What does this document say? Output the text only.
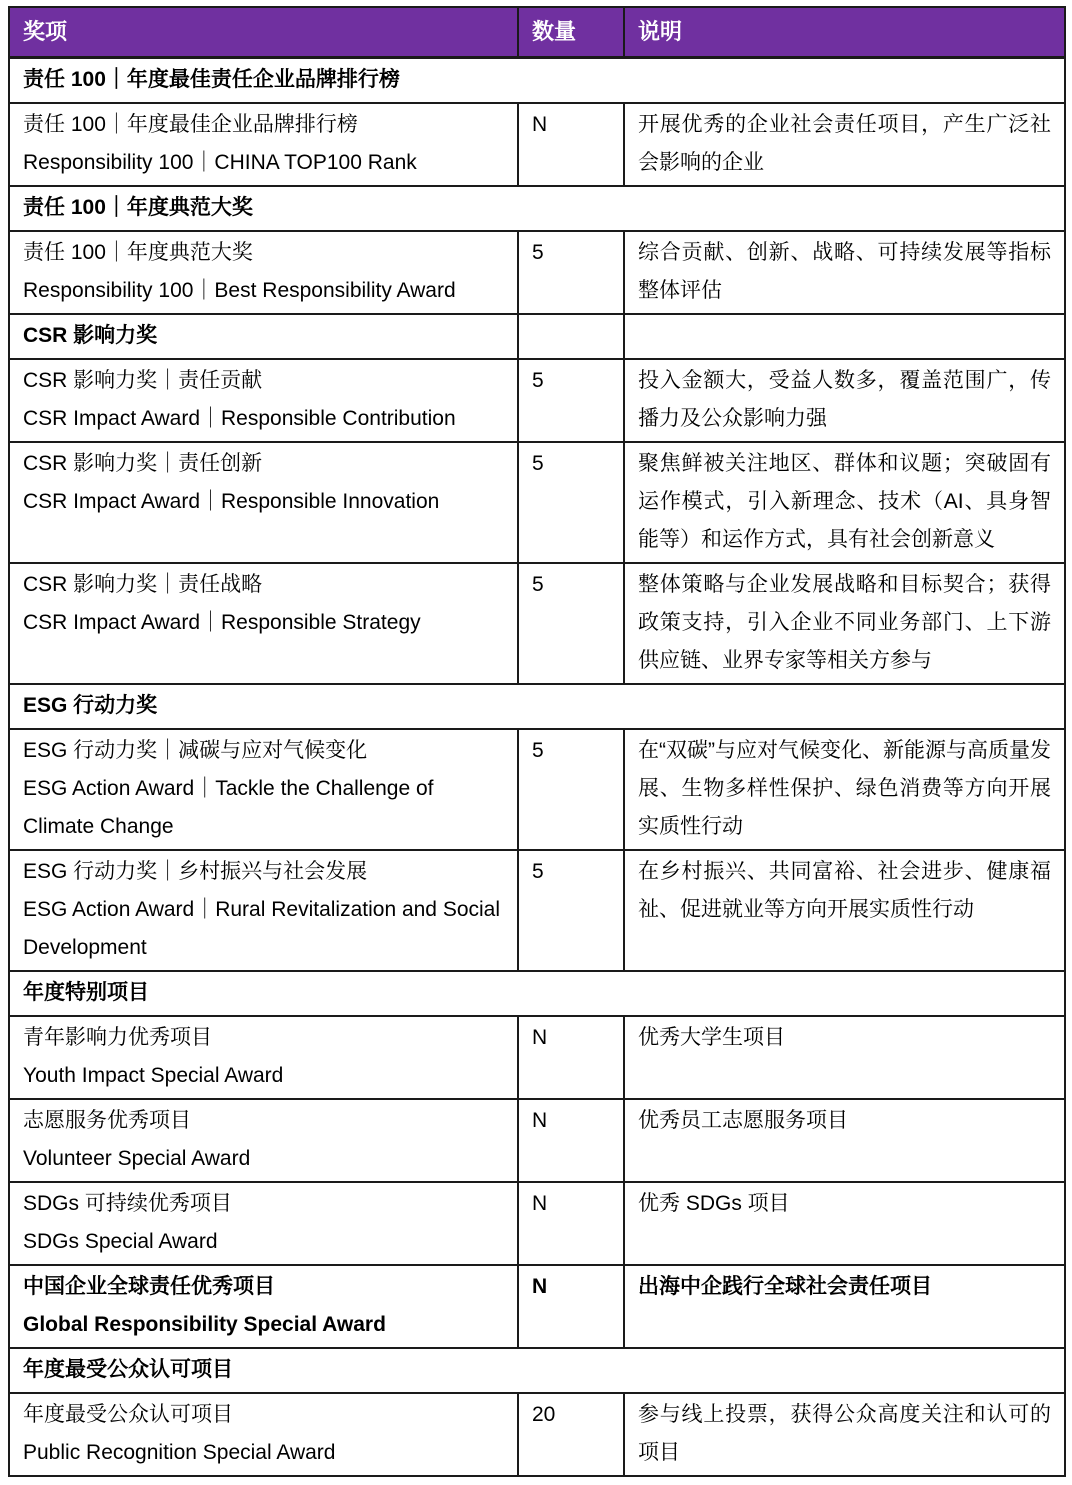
奖项	数量	说明
责任 100｜年度最佳责任企业品牌排行榜		

责任 100｜年度最佳企业品牌排行榜
Responsibility 100｜CHINA TOP100 Rank	N	开展优秀的企业社会责任项目，产生广泛社会影响的企业
责任 100｜年度典范大奖		

责任 100｜年度典范大奖
Responsibility 100｜Best Responsibility Award	5	综合贡献、创新、战略、可持续发展等指标整体评估
CSR 影响力奖		

CSR 影响力奖｜责任贡献
CSR Impact Award｜Responsible Contribution	5	投入金额大，受益人数多，覆盖范围广，传播力及公众影响力强

CSR 影响力奖｜责任创新
CSR Impact Award｜Responsible Innovation	5	聚焦鲜被关注地区、群体和议题；突破固有运作模式，引入新理念、技术（AI、具身智能等）和运作方式，具有社会创新意义

CSR 影响力奖｜责任战略
CSR Impact Award｜Responsible Strategy	5	整体策略与企业发展战略和目标契合；获得政策支持，引入企业不同业务部门、上下游供应链、业界专家等相关方参与
ESG 行动力奖		

ESG 行动力奖｜减碳与应对气候变化
ESG Action Award｜Tackle the Challenge of Climate Change	5	在“双碳”与应对气候变化、新能源与高质量发展、生物多样性保护、绿色消费等方向开展实质性行动

ESG 行动力奖｜乡村振兴与社会发展
ESG Action Award｜Rural Revitalization and Social Development	5	在乡村振兴、共同富裕、社会进步、健康福祉、促进就业等方向开展实质性行动
年度特别项目		

青年影响力优秀项目
Youth Impact Special Award	N	优秀大学生项目

志愿服务优秀项目
Volunteer Special Award	N	优秀员工志愿服务项目

SDGs 可持续优秀项目
SDGs Special Award	N	优秀 SDGs 项目

中国企业全球责任优秀项目
Global Responsibility Special Award	N	出海中企践行全球社会责任项目
年度最受公众认可项目		

年度最受公众认可项目
Public Recognition Special Award	20	参与线上投票，获得公众高度关注和认可的项目
